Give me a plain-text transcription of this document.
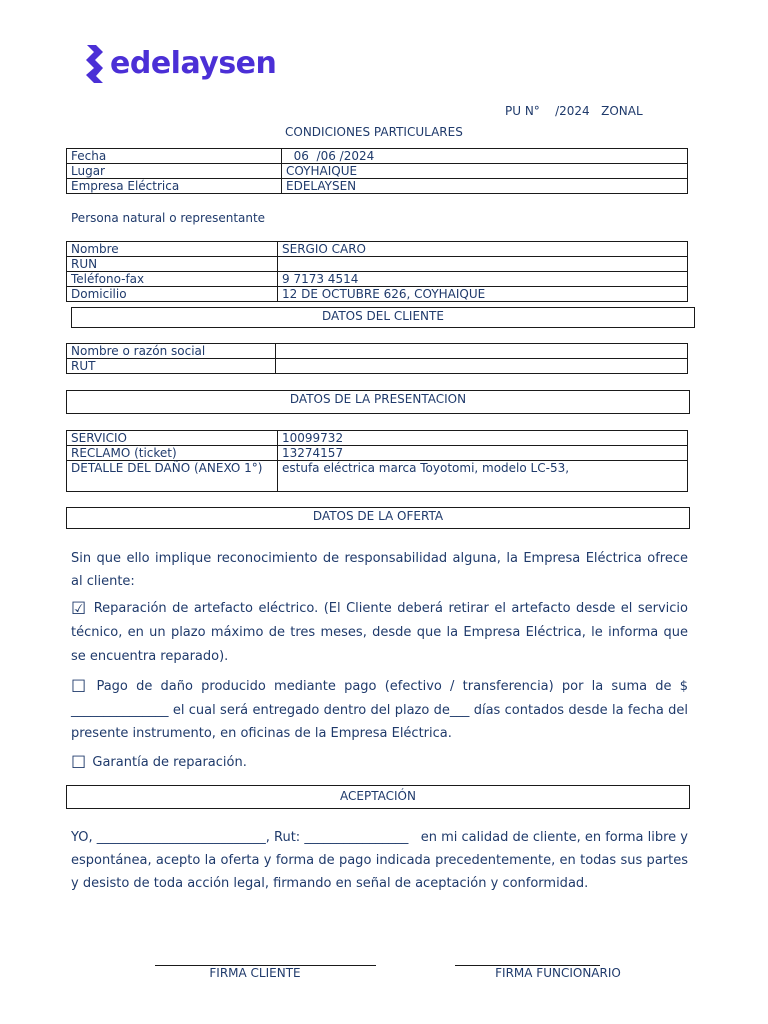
edelaysen
PU N°    /2024   ZONAL
CONDICIONES PARTICULARES
Fecha	06  /06 /2024
Lugar	COYHAIQUE
Empresa Eléctrica	EDELAYSEN
Persona natural o representante
Nombre	SERGIO CARO
RUN	
Teléfono-fax	9 7173 4514
Domicilio	12 DE OCTUBRE 626, COYHAIQUE
DATOS DEL CLIENTE
Nombre o razón social	
RUT	
DATOS DE LA PRESENTACION
SERVICIO	10099732
RECLAMO (ticket)	13274157
DETALLE DEL DAÑO (ANEXO 1°)	estufa eléctrica marca Toyotomi, modelo LC-53,
DATOS DE LA OFERTA
Sin que ello implique reconocimiento de responsabilidad alguna, la Empresa Eléctrica ofrece al cliente:
☑ Reparación de artefacto eléctrico. (El Cliente deberá retirar el artefacto desde el servicio técnico, en un plazo máximo de tres meses, desde que la Empresa Eléctrica, le informa que se encuentra reparado).
☐ Pago de daño producido mediante pago (efectivo / transferencia) por la suma de $ _______________ el cual será entregado dentro del plazo de___ días contados desde la fecha del presente instrumento, en oficinas de la Empresa Eléctrica.
☐ Garantía de reparación.
ACEPTACIÓN
YO, __________________________, Rut: ________________   en mi calidad de cliente, en forma libre y espontánea, acepto la oferta y forma de pago indicada precedentemente, en todas sus partes y desisto de toda acción legal, firmando en señal de aceptación y conformidad.
FIRMA CLIENTE	FIRMA FUNCIONARIO
